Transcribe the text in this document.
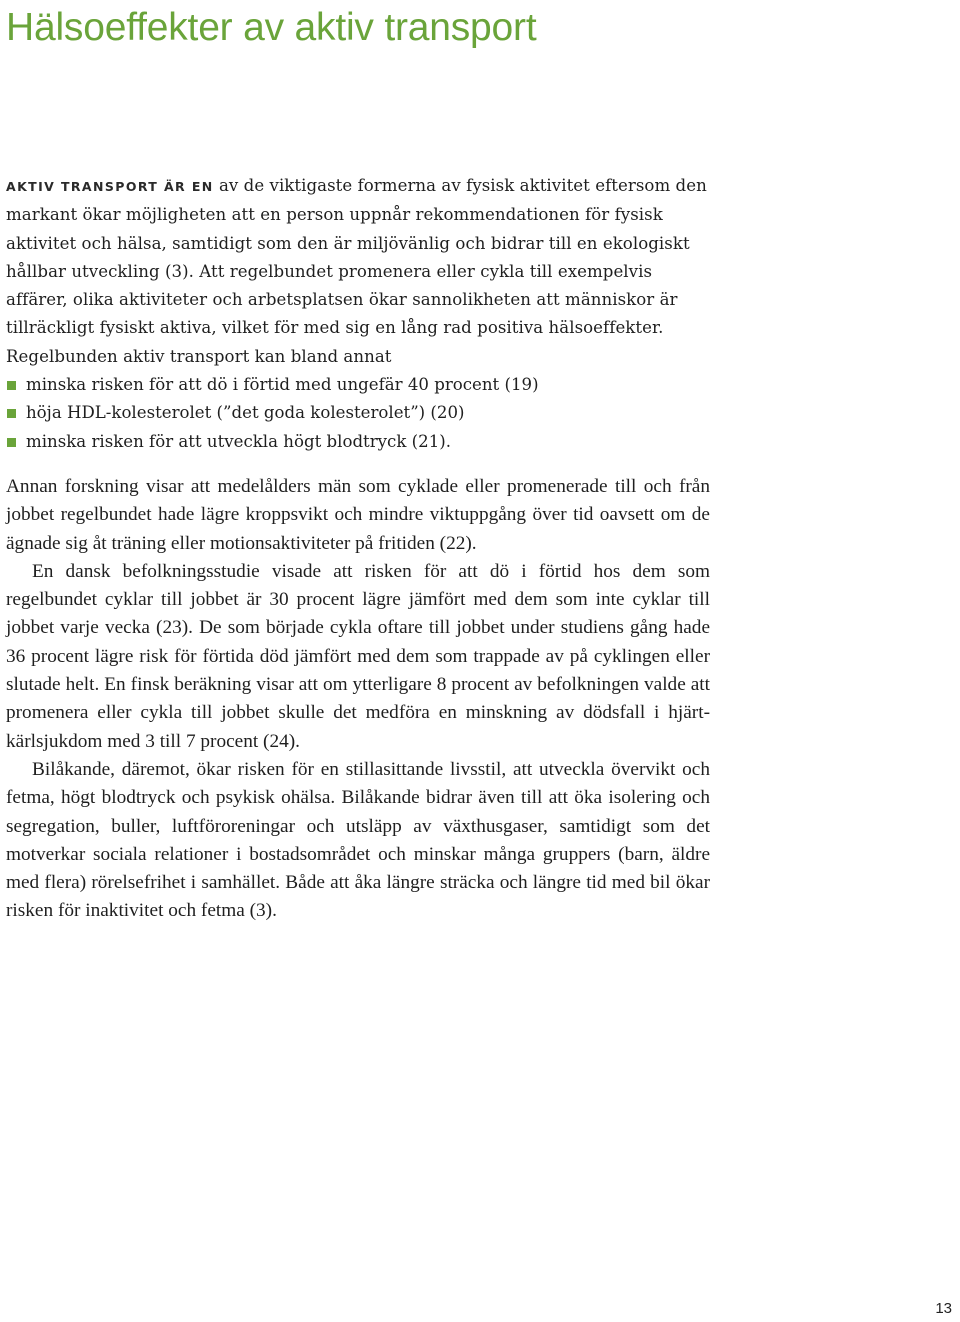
Hälsoeffekter av aktiv transport

AKTIV TRANSPORT ÄR EN av de viktigaste formerna av fysisk aktivitet eftersom den markant ökar möjligheten att en person uppnår rekommendationen för fysisk aktivitet och hälsa, samtidigt som den är miljövänlig och bidrar till en ekologiskt hållbar utveckling (3). Att regelbundet promenera eller cykla till exempelvis affärer, olika aktiviteter och arbetsplatsen ökar sannolikheten att människor är tillräckligt fysiskt aktiva, vilket för med sig en lång rad positiva hälsoeffekter. Regelbunden aktiv transport kan bland annat

minska risken för att dö i förtid med ungefär 40 procent (19)
höja HDL-kolesterolet (”det goda kolesterolet”) (20)
minska risken för att utveckla högt blodtryck (21).

Annan forskning visar att medelålders män som cyklade eller promenerade till och från jobbet regelbundet hade lägre kroppsvikt och mindre viktuppgång över tid oavsett om de ägnade sig åt träning eller motionsaktiviteter på fritiden (22).

En dansk befolkningsstudie visade att risken för att dö i förtid hos dem som regelbundet cyklar till jobbet är 30 procent lägre jämfört med dem som inte cyklar till jobbet varje vecka (23). De som började cykla oftare till jobbet under studiens gång hade 36 procent lägre risk för förtida död jämfört med dem som trappade av på cyklingen eller slutade helt. En finsk beräkning visar att om ytterligare 8 procent av befolkningen valde att promenera eller cykla till jobbet skulle det medföra en minskning av dödsfall i hjärt-kärlsjukdom med 3 till 7 procent (24).

Bilåkande, däremot, ökar risken för en stillasittande livsstil, att utveckla övervikt och fetma, högt blodtryck och psykisk ohälsa. Bilåkande bidrar även till att öka isolering och segregation, buller, luftföroreningar och utsläpp av växthusgaser, samtidigt som det motverkar sociala relationer i bostadsområdet och minskar många gruppers (barn, äldre med flera) rörelsefrihet i samhället. Både att åka längre sträcka och längre tid med bil ökar risken för inaktivitet och fetma (3).

13
